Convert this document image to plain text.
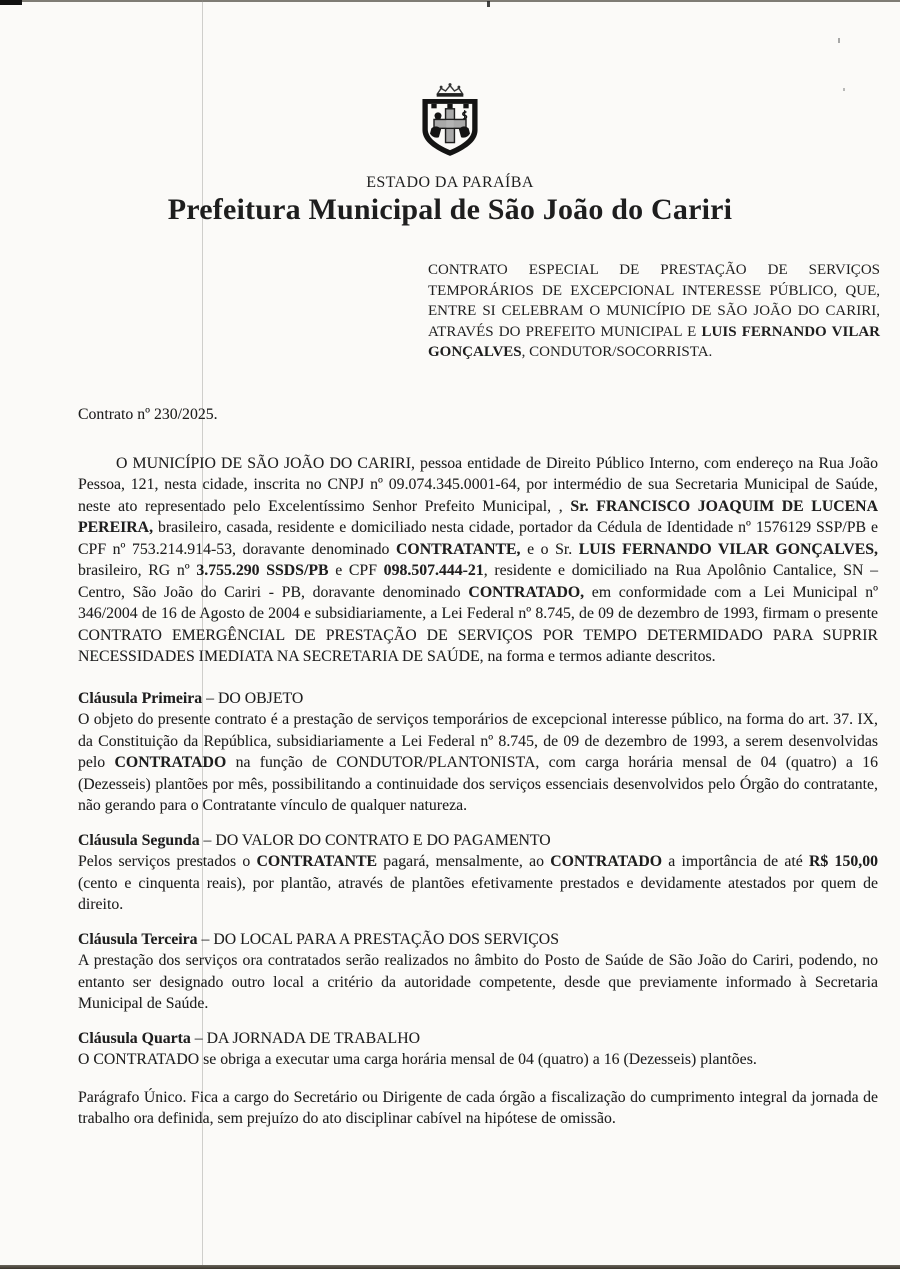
ESTADO DA PARAÍBA
Prefeitura Municipal de São João do Cariri
CONTRATO ESPECIAL DE PRESTAÇÃO DE SERVIÇOS TEMPORÁRIOS DE EXCEPCIONAL INTERESSE PÚBLICO, QUE, ENTRE SI CELEBRAM O MUNICÍPIO DE SÃO JOÃO DO CARIRI, ATRAVÉS DO PREFEITO MUNICIPAL E LUIS FERNANDO VILAR GONÇALVES, CONDUTOR/SOCORRISTA.

Contrato nº 230/2025.

O MUNICÍPIO DE SÃO JOÃO DO CARIRI, pessoa entidade de Direito Público Interno, com endereço na Rua João Pessoa, 121, nesta cidade, inscrita no CNPJ nº 09.074.345.0001-64, por intermédio de sua Secretaria Municipal de Saúde, neste ato representado pelo Excelentíssimo Senhor Prefeito Municipal, , Sr. FRANCISCO JOAQUIM DE LUCENA PEREIRA, brasileiro, casada, residente e domiciliado nesta cidade, portador da Cédula de Identidade nº 1576129 SSP/PB e CPF nº 753.214.914-53, doravante denominado CONTRATANTE, e o Sr. LUIS FERNANDO VILAR GONÇALVES, brasileiro, RG nº 3.755.290 SSDS/PB e CPF 098.507.444-21, residente e domiciliado na Rua Apolônio Cantalice, SN – Centro, São João do Cariri - PB, doravante denominado CONTRATADO, em conformidade com a Lei Municipal nº 346/2004 de 16 de Agosto de 2004 e subsidiariamente, a Lei Federal nº 8.745, de 09 de dezembro de 1993, firmam o presente CONTRATO EMERGÊNCIAL DE PRESTAÇÃO DE SERVIÇOS POR TEMPO DETERMIDADO PARA SUPRIR NECESSIDADES IMEDIATA NA SECRETARIA DE SAÚDE, na forma e termos adiante descritos.

Cláusula Primeira – DO OBJETO

O objeto do presente contrato é a prestação de serviços temporários de excepcional interesse público, na forma do art. 37. IX, da Constituição da República, subsidiariamente a Lei Federal nº 8.745, de 09 de dezembro de 1993, a serem desenvolvidas pelo CONTRATADO na função de CONDUTOR/PLANTONISTA, com carga horária mensal de 04 (quatro) a 16 (Dezesseis) plantões por mês, possibilitando a continuidade dos serviços essenciais desenvolvidos pelo Órgão do contratante, não gerando para o Contratante vínculo de qualquer natureza.

Cláusula Segunda – DO VALOR DO CONTRATO E DO PAGAMENTO

Pelos serviços prestados o CONTRATANTE pagará, mensalmente, ao CONTRATADO a importância de até R$ 150,00 (cento e cinquenta reais), por plantão, através de plantões efetivamente prestados e devidamente atestados por quem de direito.

Cláusula Terceira – DO LOCAL PARA A PRESTAÇÃO DOS SERVIÇOS

A prestação dos serviços ora contratados serão realizados no âmbito do Posto de Saúde de São João do Cariri, podendo, no entanto ser designado outro local a critério da autoridade competente, desde que previamente informado à Secretaria Municipal de Saúde.

Cláusula Quarta – DA JORNADA DE TRABALHO

O CONTRATADO se obriga a executar uma carga horária mensal de 04 (quatro) a 16 (Dezesseis) plantões.

Parágrafo Único. Fica a cargo do Secretário ou Dirigente de cada órgão a fiscalização do cumprimento integral da jornada de trabalho ora definida, sem prejuízo do ato disciplinar cabível na hipótese de omissão.
